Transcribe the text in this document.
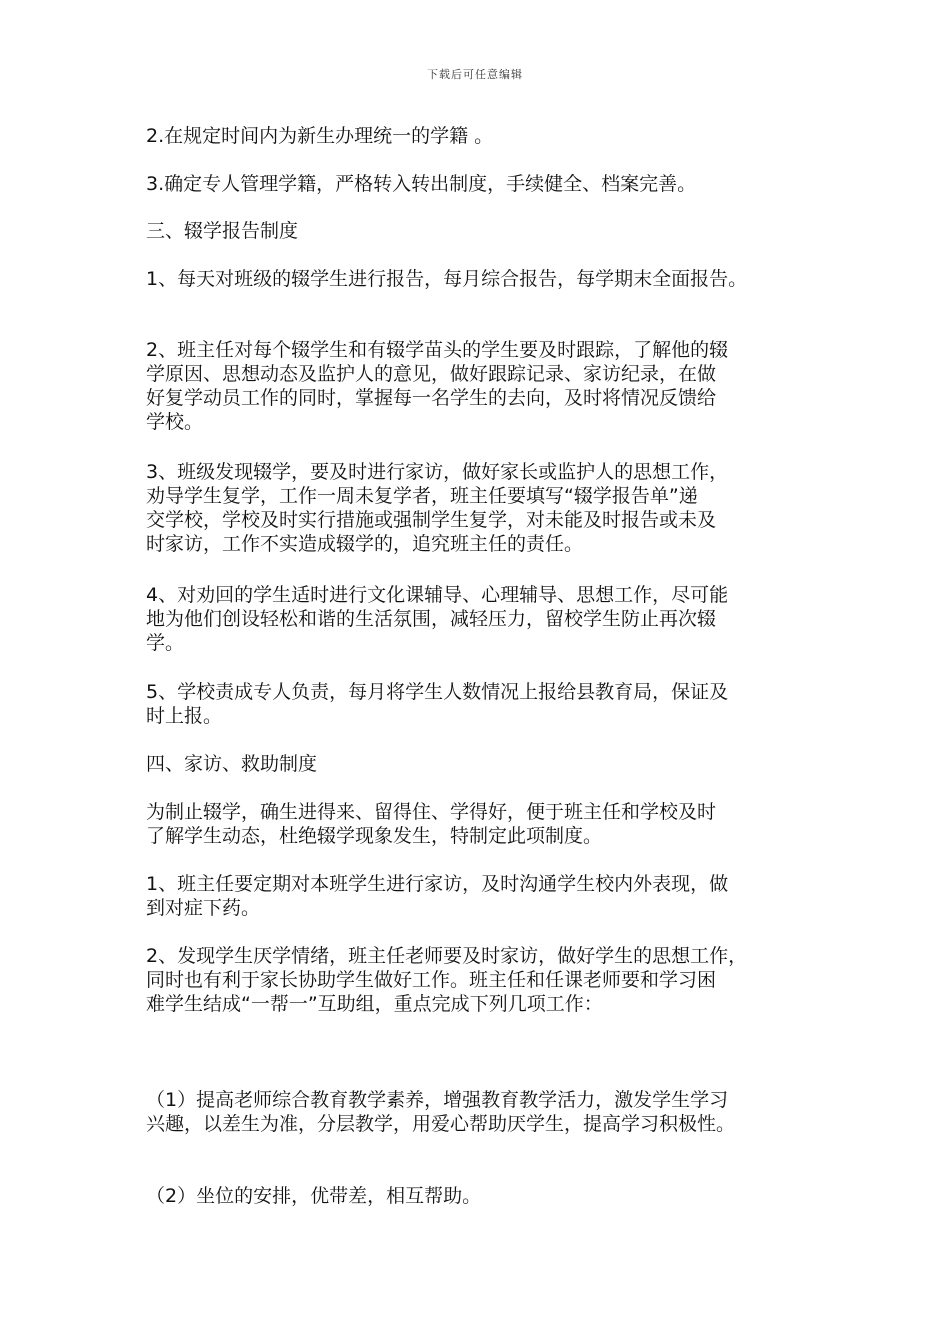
下载后可任意编辑

2.在规定时间内为新生办理统一的学籍 。

3.确定专人管理学籍，严格转入转出制度，手续健全、档案完善。

三、辍学报告制度

1、每天对班级的辍学生进行报告，每月综合报告，每学期末全面报告。

2、班主任对每个辍学生和有辍学苗头的学生要及时跟踪，了解他的辍
学原因、思想动态及监护人的意见，做好跟踪记录、家访纪录，在做
好复学动员工作的同时，掌握每一名学生的去向，及时将情况反馈给
学校。

3、班级发现辍学，要及时进行家访，做好家长或监护人的思想工作，
劝导学生复学，工作一周未复学者，班主任要填写“辍学报告单”递
交学校，学校及时实行措施或强制学生复学，对未能及时报告或未及
时家访，工作不实造成辍学的，追究班主任的责任。

4、对劝回的学生适时进行文化课辅导、心理辅导、思想工作，尽可能
地为他们创设轻松和谐的生活氛围，减轻压力，留校学生防止再次辍
学。

5、学校责成专人负责，每月将学生人数情况上报给县教育局，保证及
时上报。

四、家访、救助制度

为制止辍学，确生进得来、留得住、学得好，便于班主任和学校及时
了解学生动态，杜绝辍学现象发生，特制定此项制度。

1、班主任要定期对本班学生进行家访，及时沟通学生校内外表现，做
到对症下药。

2、发现学生厌学情绪，班主任老师要及时家访，做好学生的思想工作，
同时也有利于家长协助学生做好工作。班主任和任课老师要和学习困
难学生结成“一帮一”互助组，重点完成下列几项工作：

（1）提高老师综合教育教学素养，增强教育教学活力，激发学生学习
兴趣，以差生为准，分层教学，用爱心帮助厌学生，提高学习积极性。

（2）坐位的安排，优带差，相互帮助。
